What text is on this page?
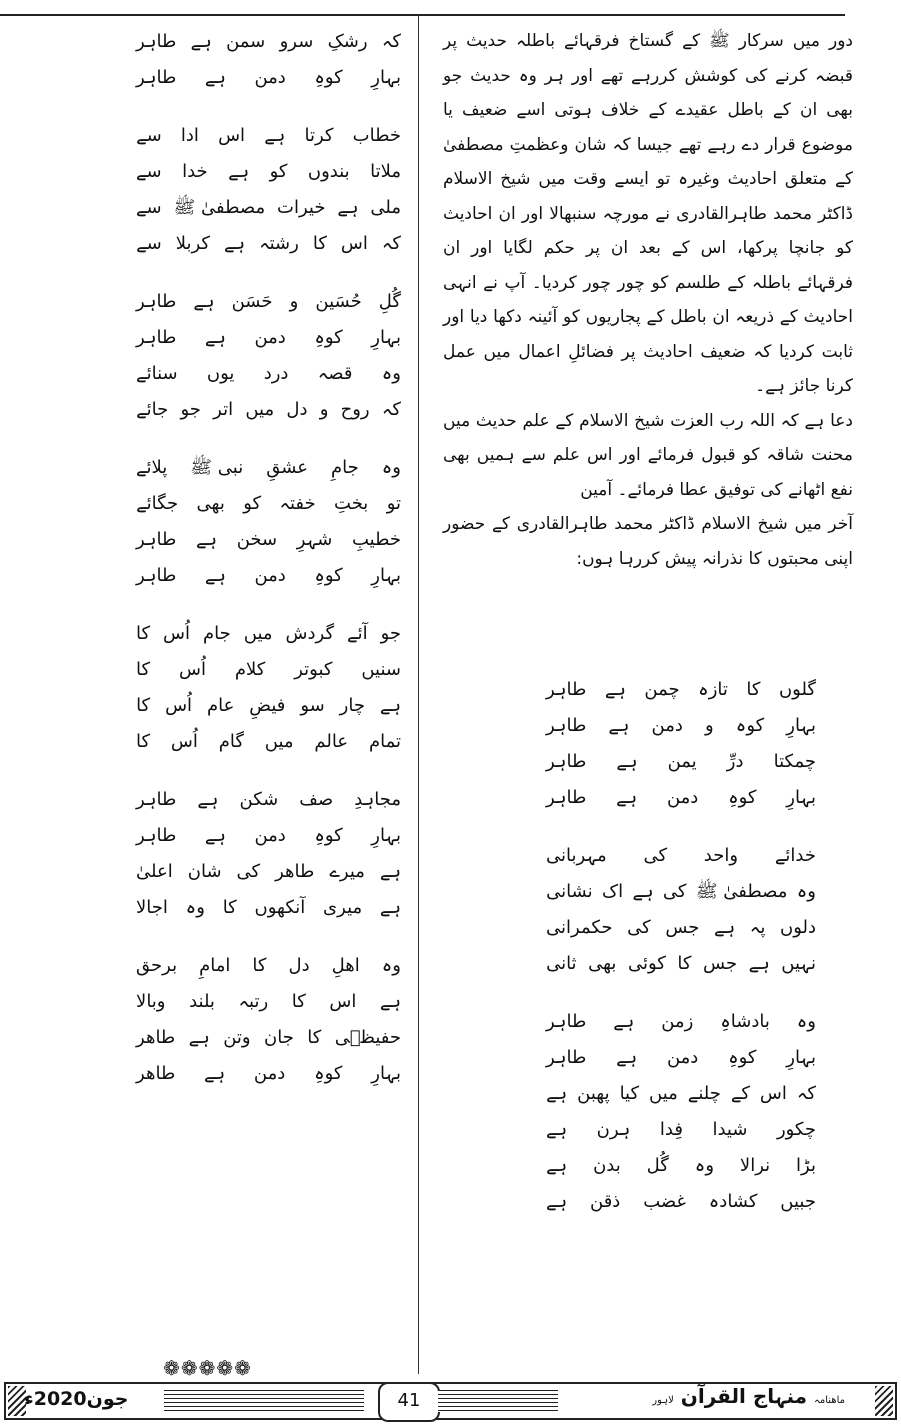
دور میں سرکار ﷺ کے گستاخ فرقہائے باطلہ حدیث پر قبضہ کرنے کی کوشش کررہے تھے اور ہر وہ حدیث جو بھی ان کے باطل عقیدے کے خلاف ہوتی اسے ضعیف یا موضوع قرار دے رہے تھے جیسا کہ شان وعظمتِ مصطفیٰ کے متعلق احادیث وغیرہ تو ایسے وقت میں شیخ الاسلام ڈاکٹر محمد طاہرالقادری نے مورچہ سنبھالا اور ان احادیث کو جانچا پرکھا، اس کے بعد ان پر حکم لگایا اور ان فرقہائے باطلہ کے طلسم کو چور چور کردیا۔ آپ نے انہی احادیث کے ذریعہ ان باطل کے پجاریوں کو آئینہ دکھا دیا اور ثابت کردیا کہ ضعیف احادیث پر فضائلِ اعمال میں عمل کرنا جائز ہے۔

دعا ہے کہ اللہ رب العزت شیخ الاسلام کے علم حدیث میں محنت شاقہ کو قبول فرمائے اور اس علم سے ہمیں بھی نفع اٹھانے کی توفیق عطا فرمائے۔ آمین

آخر میں شیخ الاسلام ڈاکٹر محمد طاہرالقادری کے حضور اپنی محبتوں کا نذرانہ پیش کررہا ہوں:

گلوں
کا
تازہ
چمن
ہے
طاہر
بہارِ
کوہ
و
دمن
ہے
طاہر
چمکتا
درِّ
یمن
ہے
طاہر
بہارِ
کوہِ
دمن
ہے
طاہر
خدائے
واحد
کی
مہربانی
وہ
مصطفیٰ ﷺ
کی
ہے
اک
نشانی
دلوں
پہ
ہے
جس
کی
حکمرانی
نہیں
ہے
جس
کا
کوئی
بھی
ثانی
وہ
بادشاہِ
زمن
ہے
طاہر
بہارِ
کوہِ
دمن
ہے
طاہر
کہ
اس
کے
چلنے
میں
کیا
پھبن
ہے
چکور
شیدا
فِدا
ہرن
ہے
بڑا
نرالا
وہ
گُل
بدن
ہے
جبیں
کشادہ
غضب
ذقن
ہے
کہ
رشکِ
سرو
سمن
ہے
طاہر
بہارِ
کوہِ
دمن
ہے
طاہر
خطاب
کرتا
ہے
اس
ادا
سے
ملاتا
بندوں
کو
ہے
خدا
سے
ملی
ہے
خیرات
مصطفیٰ ﷺ
سے
کہ
اس
کا
رشتہ
ہے
کربلا
سے
گُلِ
حُسَین
و
حَسَن
ہے
طاہر
بہارِ
کوہِ
دمن
ہے
طاہر
وہ
قصہ
درد
یوں
سنائے
کہ
روح
و
دل
میں
اتر
جو
جائے
وہ
جامِ
عشقِ
نبی ﷺ
پلائے
تو
بختِ
خفتہ
کو
بھی
جگائے
خطیبِ
شہرِ
سخن
ہے
طاہر
بہارِ
کوہِ
دمن
ہے
طاہر
جو
آئے
گردش
میں
جام
اُس
کا
سنیں
کبوتر
کلام
اُس
کا
ہے
چار
سو
فیضِ
عام
اُس
کا
تمام
عالم
میں
گام
اُس
کا
مجاہدِ
صف
شکن
ہے
طاہر
بہارِ
کوہِ
دمن
ہے
طاہر
ہے
میرے
طاھر
کی
شان
اعلیٰ
ہے
میری
آنکھوں
کا
وہ
اجالا
وہ
اھلِ
دل
کا
امامِ
برحق
ہے
اس
کا
رتبہ
بلند
وبالا
حفیظؔی
کا
جان
وتن
ہے
طاھر
بہارِ
کوہِ
دمن
ہے
طاھر
❁❁❁❁❁
جون2020ء	41	ماهنامہ منہاج القرآن لاہور
